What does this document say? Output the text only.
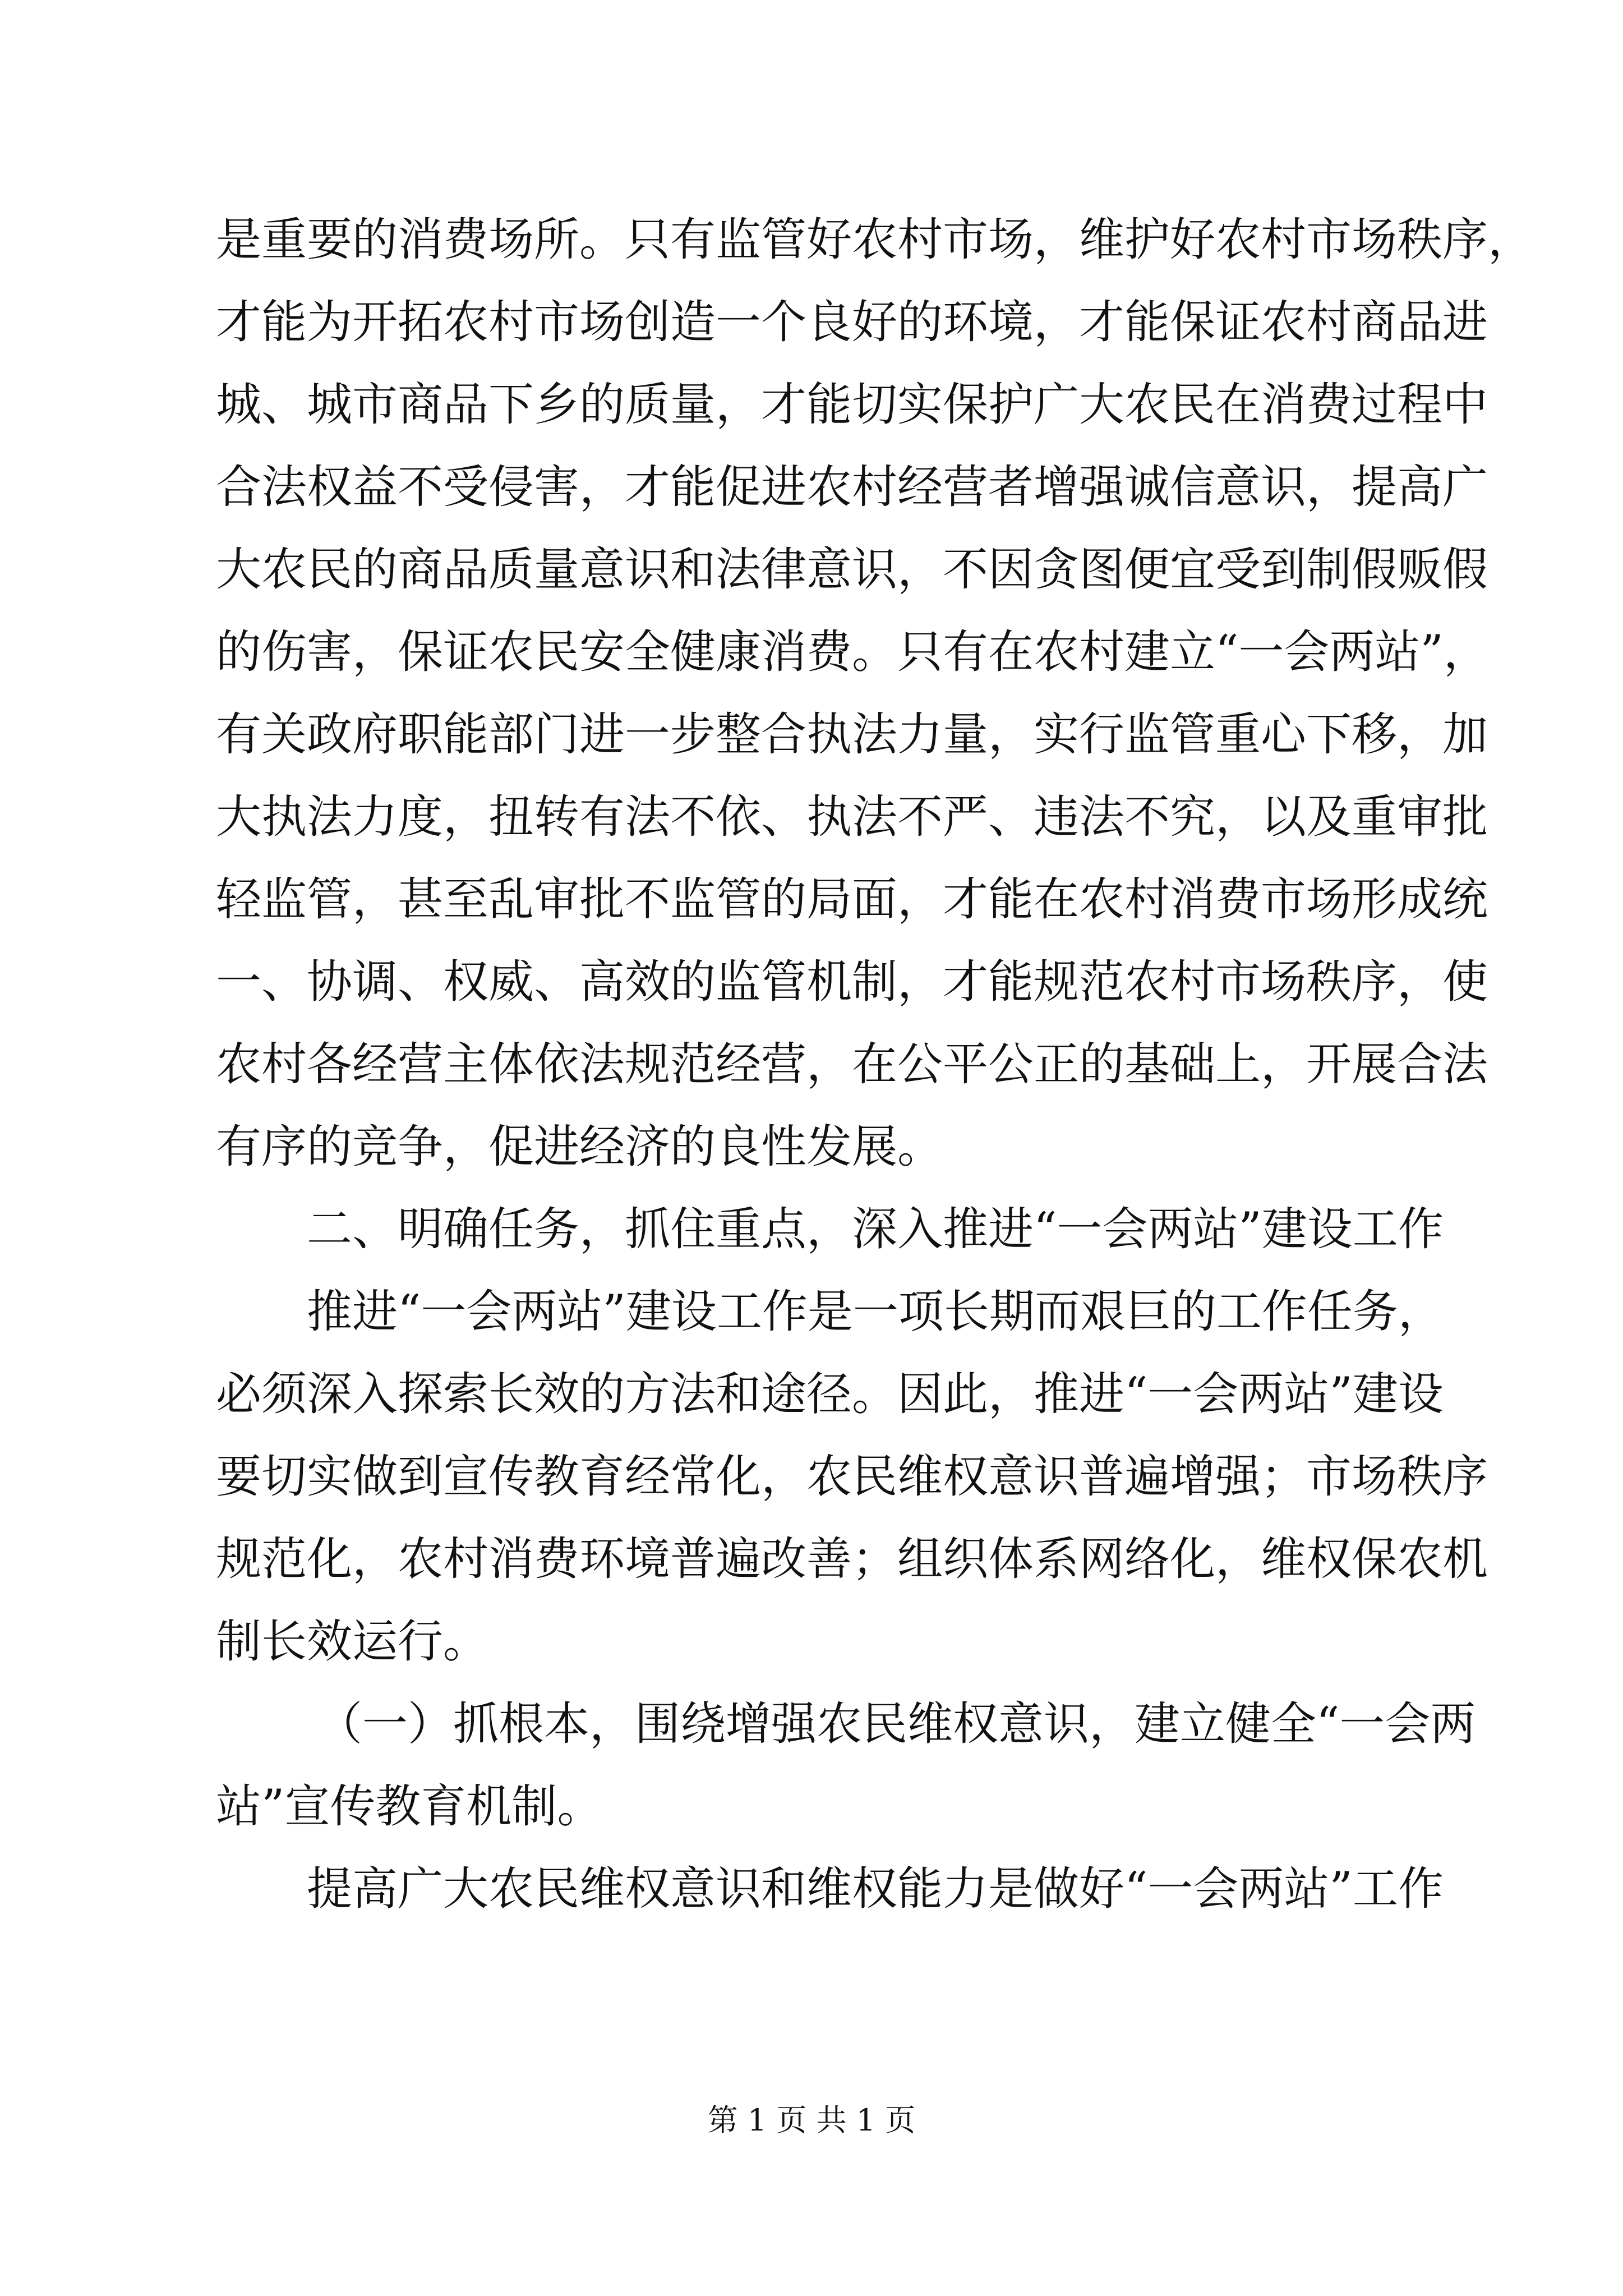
是重要的消费场所。只有监管好农村市场，维护好农村市场秩序，
才能为开拓农村市场创造一个良好的环境，才能保证农村商品进
城、城市商品下乡的质量，才能切实保护广大农民在消费过程中
合法权益不受侵害，才能促进农村经营者增强诚信意识，提高广
大农民的商品质量意识和法律意识，不因贪图便宜受到制假贩假
的伤害，保证农民安全健康消费。只有在农村建立“一会两站”，
有关政府职能部门进一步整合执法力量，实行监管重心下移，加
大执法力度，扭转有法不依、执法不严、违法不究，以及重审批
轻监管，甚至乱审批不监管的局面，才能在农村消费市场形成统
一、协调、权威、高效的监管机制，才能规范农村市场秩序，使
农村各经营主体依法规范经营，在公平公正的基础上，开展合法
有序的竞争，促进经济的良性发展。
二、明确任务，抓住重点，深入推进“一会两站”建设工作
推进“一会两站”建设工作是一项长期而艰巨的工作任务，
必须深入探索长效的方法和途径。因此，推进“一会两站”建设
要切实做到宣传教育经常化，农民维权意识普遍增强；市场秩序
规范化，农村消费环境普遍改善；组织体系网络化，维权保农机
制长效运行。
（一）抓根本，围绕增强农民维权意识，建立健全“一会两
站”宣传教育机制。
提高广大农民维权意识和维权能力是做好“一会两站”工作
第 1 页 共 1 页
